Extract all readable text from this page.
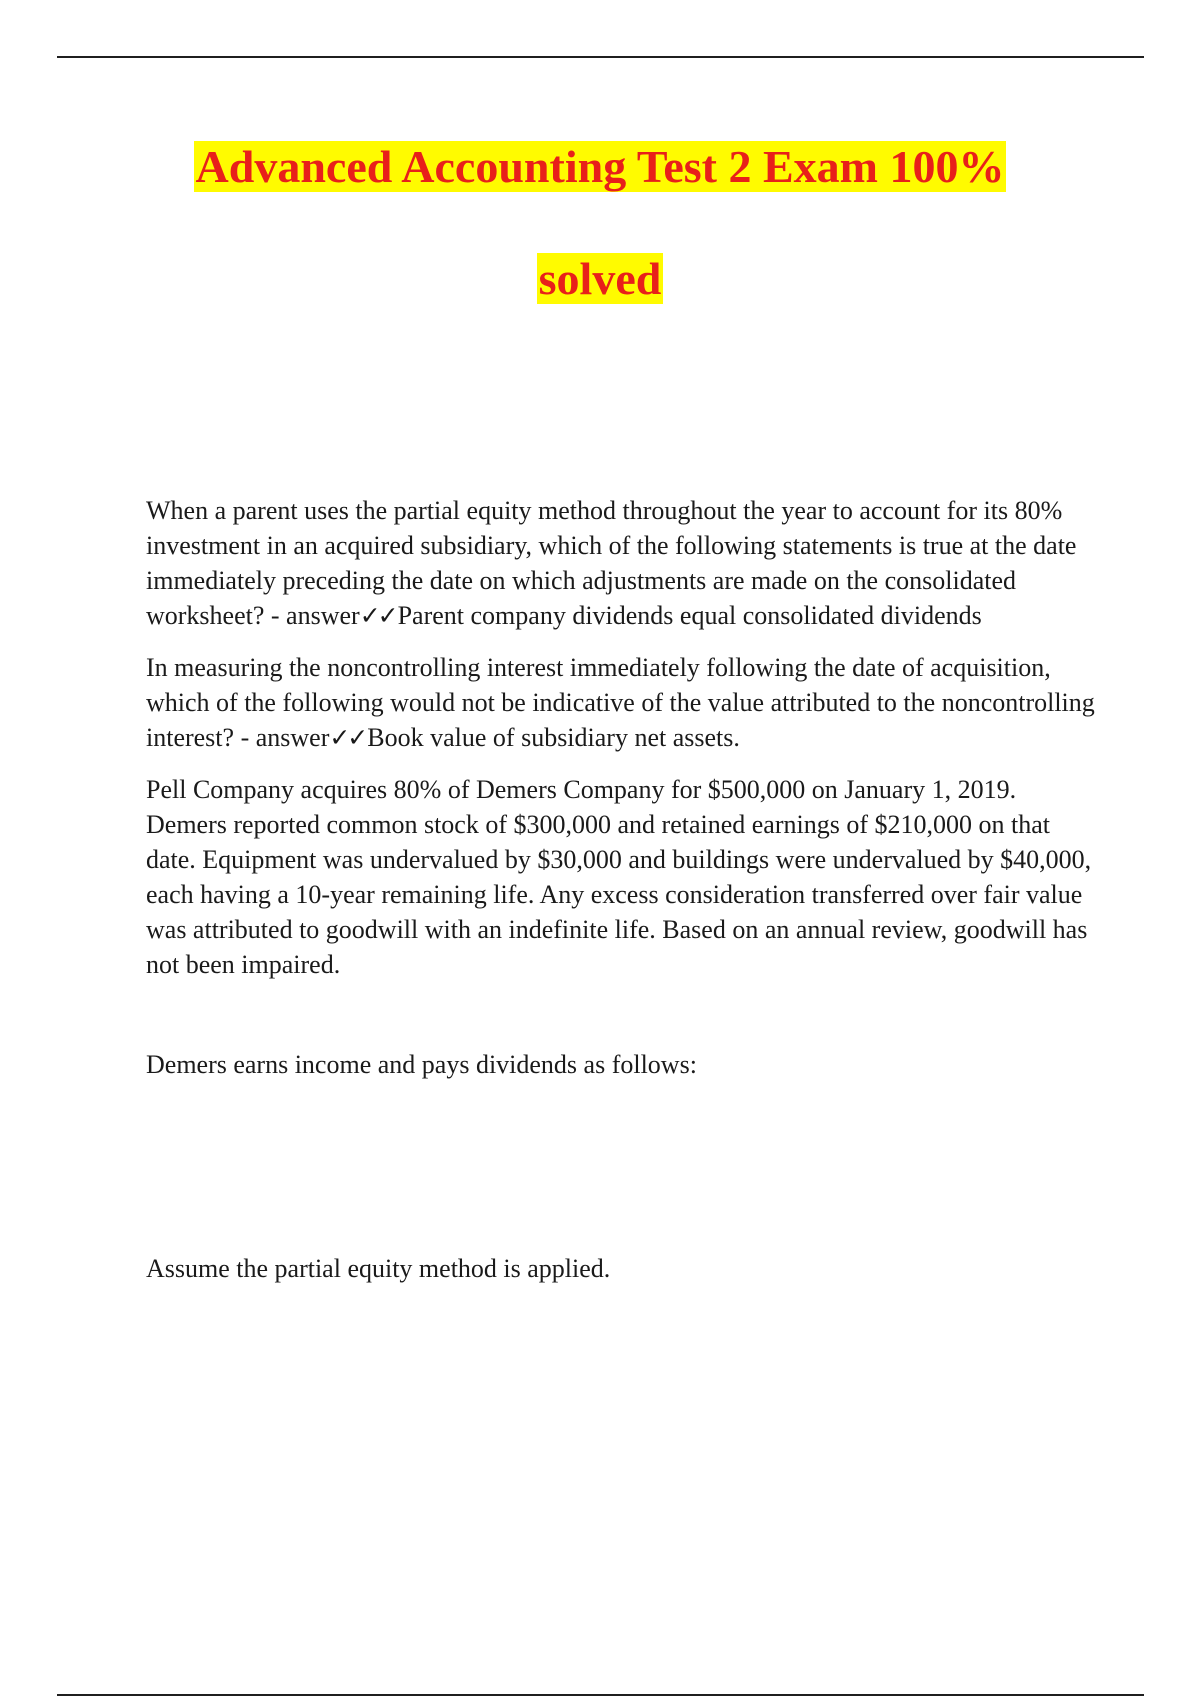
Advanced Accounting Test 2 Exam 100%
solved

When a parent uses the partial equity method throughout the year to account for its 80% investment in an acquired subsidiary, which of the following statements is true at the date immediately preceding the date on which adjustments are made on the consolidated worksheet? - answer✓✓Parent company dividends equal consolidated dividends

In measuring the noncontrolling interest immediately following the date of acquisition, which of the following would not be indicative of the value attributed to the noncontrolling interest? - answer✓✓Book value of subsidiary net assets.

Pell Company acquires 80% of Demers Company for $500,000 on January 1, 2019. Demers reported common stock of $300,000 and retained earnings of $210,000 on that date. Equipment was undervalued by $30,000 and buildings were undervalued by $40,000, each having a 10-year remaining life. Any excess consideration transferred over fair value was attributed to goodwill with an indefinite life. Based on an annual review, goodwill has not been impaired.

Demers earns income and pays dividends as follows:

Assume the partial equity method is applied.
